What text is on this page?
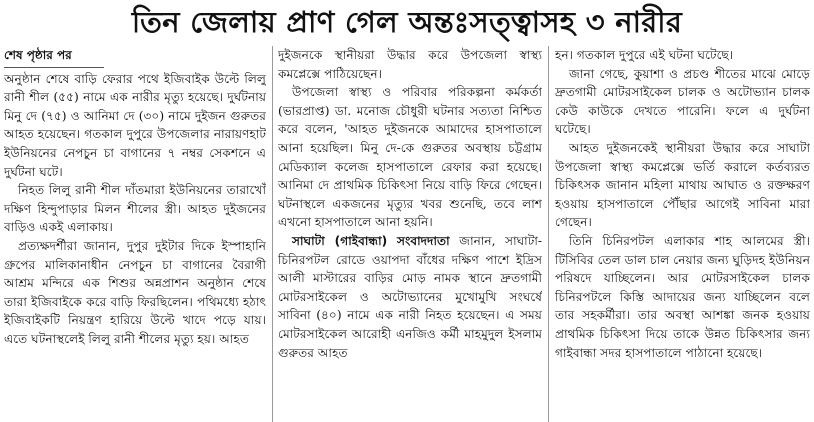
তিন জেলায় প্রাণ গেল অন্তঃসত্ত্বাসহ ৩ নারীর
শেষ পৃষ্ঠার পর

অনুষ্ঠান শেষে বাড়ি ফেরার পথে ইজিবাইক উল্টে লিলু রানী শীল (৫৫) নামে এক নারীর মৃত্যু হয়েছে। দুর্ঘটনায় মিনু দে (৭৫) ও আনিমা দে (৩০) নামে দুইজন গুরুতর আহত হয়েছেন। গতকাল দুপুরে উপজেলার নারায়ণহাট ইউনিয়নের নেপচুন চা বাগানের ৭ নম্বর সেকশনে এ দুর্ঘটনা ঘটে।

নিহত লিলু রানী শীল দাঁতমারা ইউনিয়নের তারাখোঁ দক্ষিণ হিন্দুপাড়ার মিলন শীলের স্ত্রী। আহত দুইজনের বাড়িও একই এলাকায়।

প্রত্যক্ষদর্শীরা জানান, দুপুর দুইটার দিকে ইস্পাহানি গ্রুপের মালিকানাধীন নেপচুন চা বাগানের বৈরাগী আশ্রম মন্দিরে এক শিশুর অন্নপ্রাশন অনুষ্ঠান শেষে তারা ইজিবাইকে করে বাড়ি ফিরছিলেন। পথিমধ্যে হঠাৎ ইজিবাইকটি নিয়ন্ত্রণ হারিয়ে উল্টে খাদে পড়ে যায়। এতে ঘটনাস্থলেই লিলু রানী শীলের মৃত্যু হয়। আহত

দুইজনকে স্থানীয়রা উদ্ধার করে উপজেলা স্বাস্থ্য কমপ্লেক্সে পাঠিয়েছেন।

উপজেলা স্বাস্থ্য ও পরিবার পরিকল্পনা কর্মকর্তা (ভারপ্রাপ্ত) ডা. মনোজ চৌধুরী ঘটনার সত্যতা নিশ্চিত করে বলেন, 'আহত দুইজনকে আমাদের হাসপাতালে আনা হয়েছিল। মিনু দে-কে গুরুতর অবস্থায় চট্টগ্রাম মেডিক্যাল কলেজ হাসপাতালে রেফার করা হয়েছে। আনিমা দে প্রাথমিক চিকিৎসা নিয়ে বাড়ি ফিরে গেছেন। ঘটনাস্থলে একজনের মৃত্যুর খবর শুনেছি, তবে লাশ এখনো হাসপাতালে আনা হয়নি।

সাঘাটা (গাইবান্ধা) সংবাদদাতা জানান, সাঘাটা-চিনিরপটল রোডে ওয়াপদা বাঁধের দক্ষিণ পাশে ইদ্রিস আলী মাস্টারের বাড়ির মোড় নামক স্থানে দ্রুতগামী মোটরসাইকেল ও অটোভ্যানের মুখোমুখি সংঘর্ষে সাবিনা (৪০) নামে এক নারী নিহত হয়েছেন। এ সময় মোটরসাইকেল আরোহী এনজিও কর্মী মাহমুদুল ইসলাম গুরুতর আহত

হন। গতকাল দুপুরে এই ঘটনা ঘটেছে।

জানা গেছে, কুয়াশা ও প্রচণ্ড শীতের মাঝে মোড়ে দ্রুতগামী মোটরসাইকেল চালক ও অটোভ্যান চালক কেউ কাউকে দেখতে পারেনি। ফলে এ দুর্ঘটনা ঘটেছে।

আহত দুইজনকেই স্থানীয়রা উদ্ধার করে সাঘাটা উপজেলা স্বাস্থ্য কমপ্লেক্সে ভর্তি করালে কর্তব্যরত চিকিৎসক জানান মহিলা মাথায় আঘাত ও রক্তক্ষরণ হওয়ায় হাসপাতালে পৌঁছার আগেই সাবিনা মারা গেছেন।

তিনি চিনিরপটল এলাকার শাহ আলমের স্ত্রী। টিসিবির তেল ডাল চাল নেয়ার জন্য ঘুড়িদহ ইউনিয়ন পরিষদে যাচ্ছিলেন। আর মোটরসাইকেল চালক চিনিরপটলে কিস্তি আদায়ের জন্য যাচ্ছিলেন বলে তার সহকর্মীরা। তার অবস্থা আশঙ্কা জনক হওয়ায় প্রাথমিক চিকিৎসা দিয়ে তাকে উন্নত চিকিৎসার জন্য গাইবান্ধা সদর হাসপাতালে পাঠানো হয়েছে।
